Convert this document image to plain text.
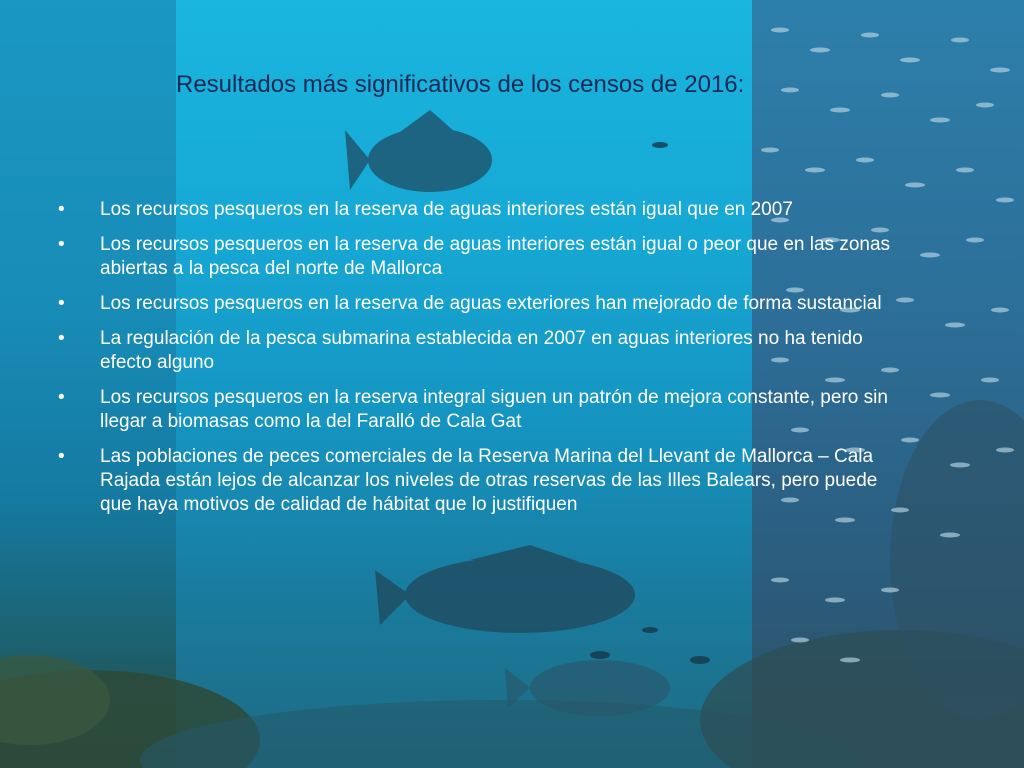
Resultados más significativos de los censos de 2016:
• Los recursos pesqueros en la reserva de aguas interiores están igual que en 2007
• Los recursos pesqueros en la reserva de aguas interiores están igual o peor que en las zonas abiertas a la pesca del norte de Mallorca
• Los recursos pesqueros en la reserva de aguas exteriores han mejorado de forma sustancial
• La regulación de la pesca submarina establecida en 2007 en aguas interiores no ha tenido efecto alguno
• Los recursos pesqueros en la reserva integral siguen un patrón de mejora constante, pero sin llegar a biomasas como la del Faralló de Cala Gat
• Las poblaciones de peces comerciales de la Reserva Marina del Llevant de Mallorca – Cala Rajada están lejos de alcanzar los niveles de otras reservas de las Illes Balears, pero puede que haya motivos de calidad de hábitat que lo justifiquen
